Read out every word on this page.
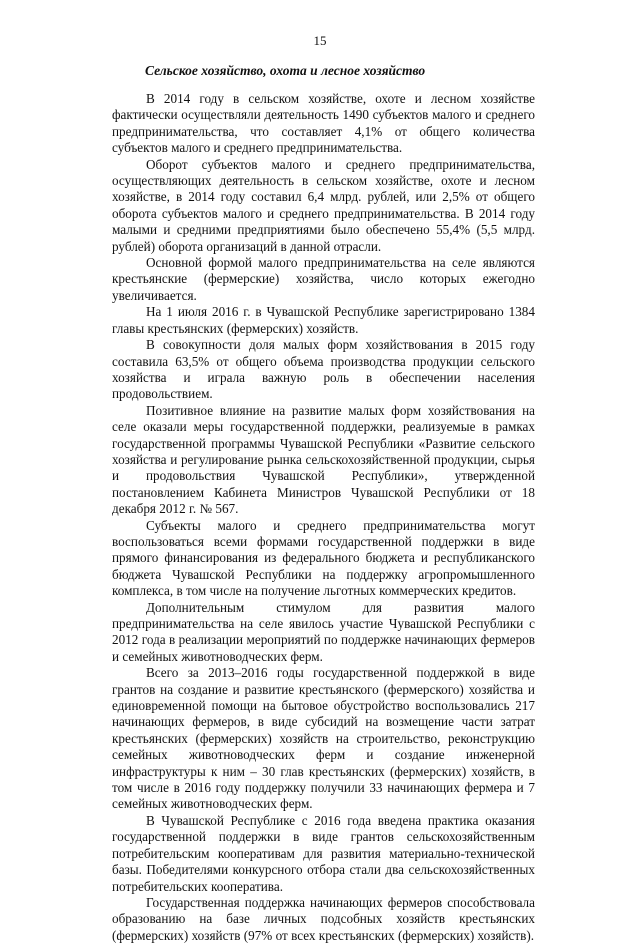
15
Сельское хозяйство, охота и лесное хозяйство

В 2014 году в сельском хозяйстве, охоте и лесном хозяйстве фактически осуществляли деятельность 1490 субъектов малого и среднего предпринимательства, что составляет 4,1% от общего количества субъектов малого и среднего предпринимательства.

Оборот субъектов малого и среднего предпринимательства, осуществляющих деятельность в сельском хозяйстве, охоте и лесном хозяйстве, в 2014 году составил 6,4 млрд. рублей, или 2,5% от общего оборота субъектов малого и среднего предпринимательства. В 2014 году малыми и средними предприятиями было обеспечено 55,4% (5,5 млрд. рублей) оборота организаций в данной отрасли.

Основной формой малого предпринимательства на селе являются крестьянские (фермерские) хозяйства, число которых ежегодно увеличивается.

На 1 июля 2016 г. в Чувашской Республике зарегистрировано 1384 главы крестьянских (фермерских) хозяйств.

В совокупности доля малых форм хозяйствования в 2015 году составила 63,5% от общего объема производства продукции сельского хозяйства и играла важную роль в обеспечении населения продовольствием.

Позитивное влияние на развитие малых форм хозяйствования на селе оказали меры государственной поддержки, реализуемые в рамках государственной программы Чувашской Республики «Развитие сельского хозяйства и регулирование рынка сельскохозяйственной продукции, сырья и продовольствия Чувашской Республики», утвержденной постановлением Кабинета Министров Чувашской Республики от 18 декабря 2012 г. № 567.

Субъекты малого и среднего предпринимательства могут воспользоваться всеми формами государственной поддержки в виде прямого финансирования из федерального бюджета и республиканского бюджета Чувашской Республики на поддержку агропромышленного комплекса, в том числе на получение льготных коммерческих кредитов.

Дополнительным стимулом для развития малого предпринимательства на селе явилось участие Чувашской Республики с 2012 года в реализации мероприятий по поддержке начинающих фермеров и семейных животноводческих ферм.

Всего за 2013–2016 годы государственной поддержкой в виде грантов на создание и развитие крестьянского (фермерского) хозяйства и единовременной помощи на бытовое обустройство воспользовались 217 начинающих фермеров, в виде субсидий на возмещение части затрат крестьянских (фермерских) хозяйств на строительство, реконструкцию семейных животноводческих ферм и создание инженерной инфраструктуры к ним – 30 глав крестьянских (фермерских) хозяйств, в том числе в 2016 году поддержку получили 33 начинающих фермера и 7 семейных животноводческих ферм.

В Чувашской Республике с 2016 года введена практика оказания государственной поддержки в виде грантов сельскохозяйственным потребительским кооперативам для развития материально-технической базы. Победителями конкурсного отбора стали два сельскохозяйственных потребительских кооператива.

Государственная поддержка начинающих фермеров способствовала образованию на базе личных подсобных хозяйств крестьянских (фермерских) хозяйств (97% от всех крестьянских (фермерских) хозяйств).
